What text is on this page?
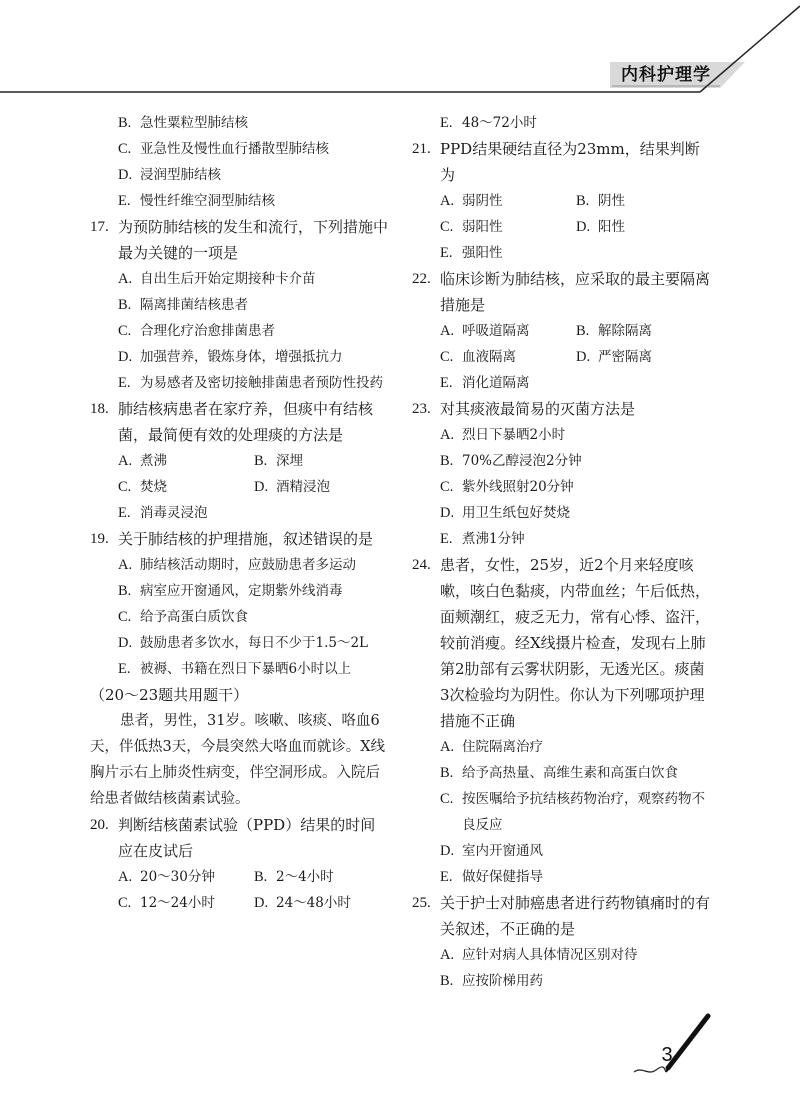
内科护理学
B. 急性粟粒型肺结核
C. 亚急性及慢性血行播散型肺结核
D. 浸润型肺结核
E. 慢性纤维空洞型肺结核
17. 为预防肺结核的发生和流行，下列措施中最为关键的一项是
A. 自出生后开始定期接种卡介苗
B. 隔离排菌结核患者
C. 合理化疗治愈排菌患者
D. 加强营养，锻炼身体，增强抵抗力
E. 为易感者及密切接触排菌患者预防性投药
18. 肺结核病患者在家疗养，但痰中有结核菌，最简便有效的处理痰的方法是
A. 煮沸	B. 深埋
C. 焚烧	D. 酒精浸泡
E. 消毒灵浸泡
19. 关于肺结核的护理措施，叙述错误的是
A. 肺结核活动期时，应鼓励患者多运动
B. 病室应开窗通风，定期紫外线消毒
C. 给予高蛋白质饮食
D. 鼓励患者多饮水，每日不少于1.5～2L
E. 被褥、书籍在烈日下暴晒6小时以上
（20～23题共用题干）
患者，男性，31岁。咳嗽、咳痰、咯血6天，伴低热3天，今晨突然大咯血而就诊。X线胸片示右上肺炎性病变，伴空洞形成。入院后给患者做结核菌素试验。
20. 判断结核菌素试验（PPD）结果的时间应在皮试后
A. 20～30分钟	B. 2～4小时
C. 12～24小时	D. 24～48小时
E. 48～72小时
21. PPD结果硬结直径为23mm，结果判断为
A. 弱阴性	B. 阴性
C. 弱阳性	D. 阳性
E. 强阳性
22. 临床诊断为肺结核，应采取的最主要隔离措施是
A. 呼吸道隔离	B. 解除隔离
C. 血液隔离	D. 严密隔离
E. 消化道隔离
23. 对其痰液最简易的灭菌方法是
A. 烈日下暴晒2小时
B. 70%乙醇浸泡2分钟
C. 紫外线照射20分钟
D. 用卫生纸包好焚烧
E. 煮沸1分钟
24. 患者，女性，25岁，近2个月来轻度咳嗽，咳白色黏痰，内带血丝；午后低热，面颊潮红，疲乏无力，常有心悸、盗汗，较前消瘦。经X线摄片检查，发现右上肺第2肋部有云雾状阴影，无透光区。痰菌3次检验均为阴性。你认为下列哪项护理措施不正确
A. 住院隔离治疗
B. 给予高热量、高维生素和高蛋白饮食
C. 按医嘱给予抗结核药物治疗，观察药物不良反应
D. 室内开窗通风
E. 做好保健指导
25. 关于护士对肺癌患者进行药物镇痛时的有关叙述，不正确的是
A. 应针对病人具体情况区别对待
B. 应按阶梯用药
3
